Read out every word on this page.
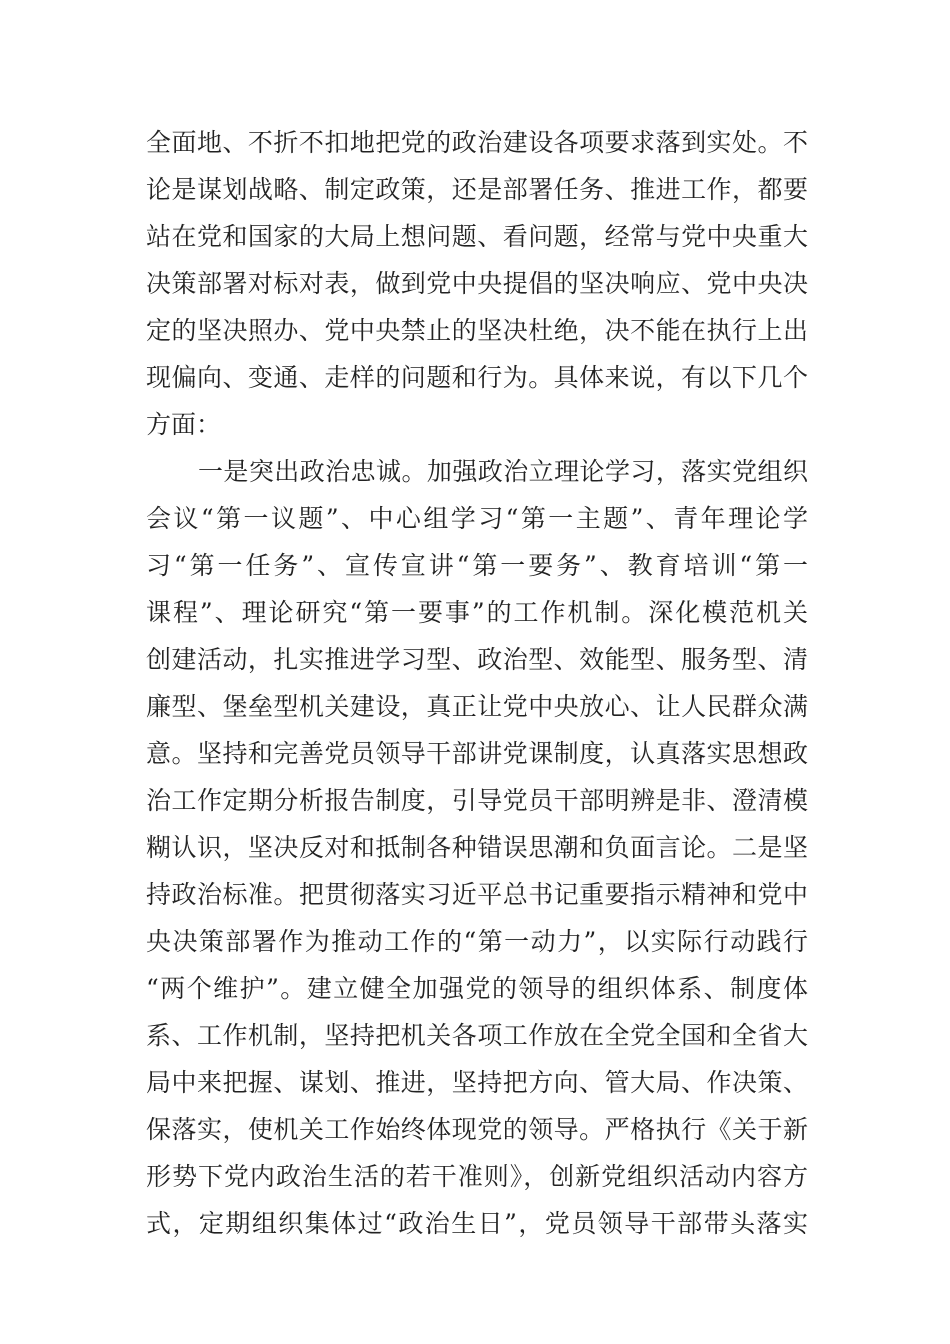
全面地、不折不扣地把党的政治建设各项要求落到实处。不
论是谋划战略、制定政策，还是部署任务、推进工作，都要
站在党和国家的大局上想问题、看问题，经常与党中央重大
决策部署对标对表，做到党中央提倡的坚决响应、党中央决
定的坚决照办、党中央禁止的坚决杜绝，决不能在执行上出
现偏向、变通、走样的问题和行为。具体来说，有以下几个
方面：
一是突出政治忠诚。加强政治立理论学习，落实党组织
会议“第一议题”、中心组学习“第一主题”、青年理论学
习“第一任务”、宣传宣讲“第一要务”、教育培训“第一
课程”、理论研究“第一要事”的工作机制。深化模范机关
创建活动，扎实推进学习型、政治型、效能型、服务型、清
廉型、堡垒型机关建设，真正让党中央放心、让人民群众满
意。坚持和完善党员领导干部讲党课制度，认真落实思想政
治工作定期分析报告制度，引导党员干部明辨是非、澄清模
糊认识，坚决反对和抵制各种错误思潮和负面言论。二是坚
持政治标准。把贯彻落实习近平总书记重要指示精神和党中
央决策部署作为推动工作的“第一动力”，以实际行动践行
“两个维护”。建立健全加强党的领导的组织体系、制度体
系、工作机制，坚持把机关各项工作放在全党全国和全省大
局中来把握、谋划、推进，坚持把方向、管大局、作决策、
保落实，使机关工作始终体现党的领导。严格执行《关于新
形势下党内政治生活的若干准则》，创新党组织活动内容方
式，定期组织集体过“政治生日”，党员领导干部带头落实
